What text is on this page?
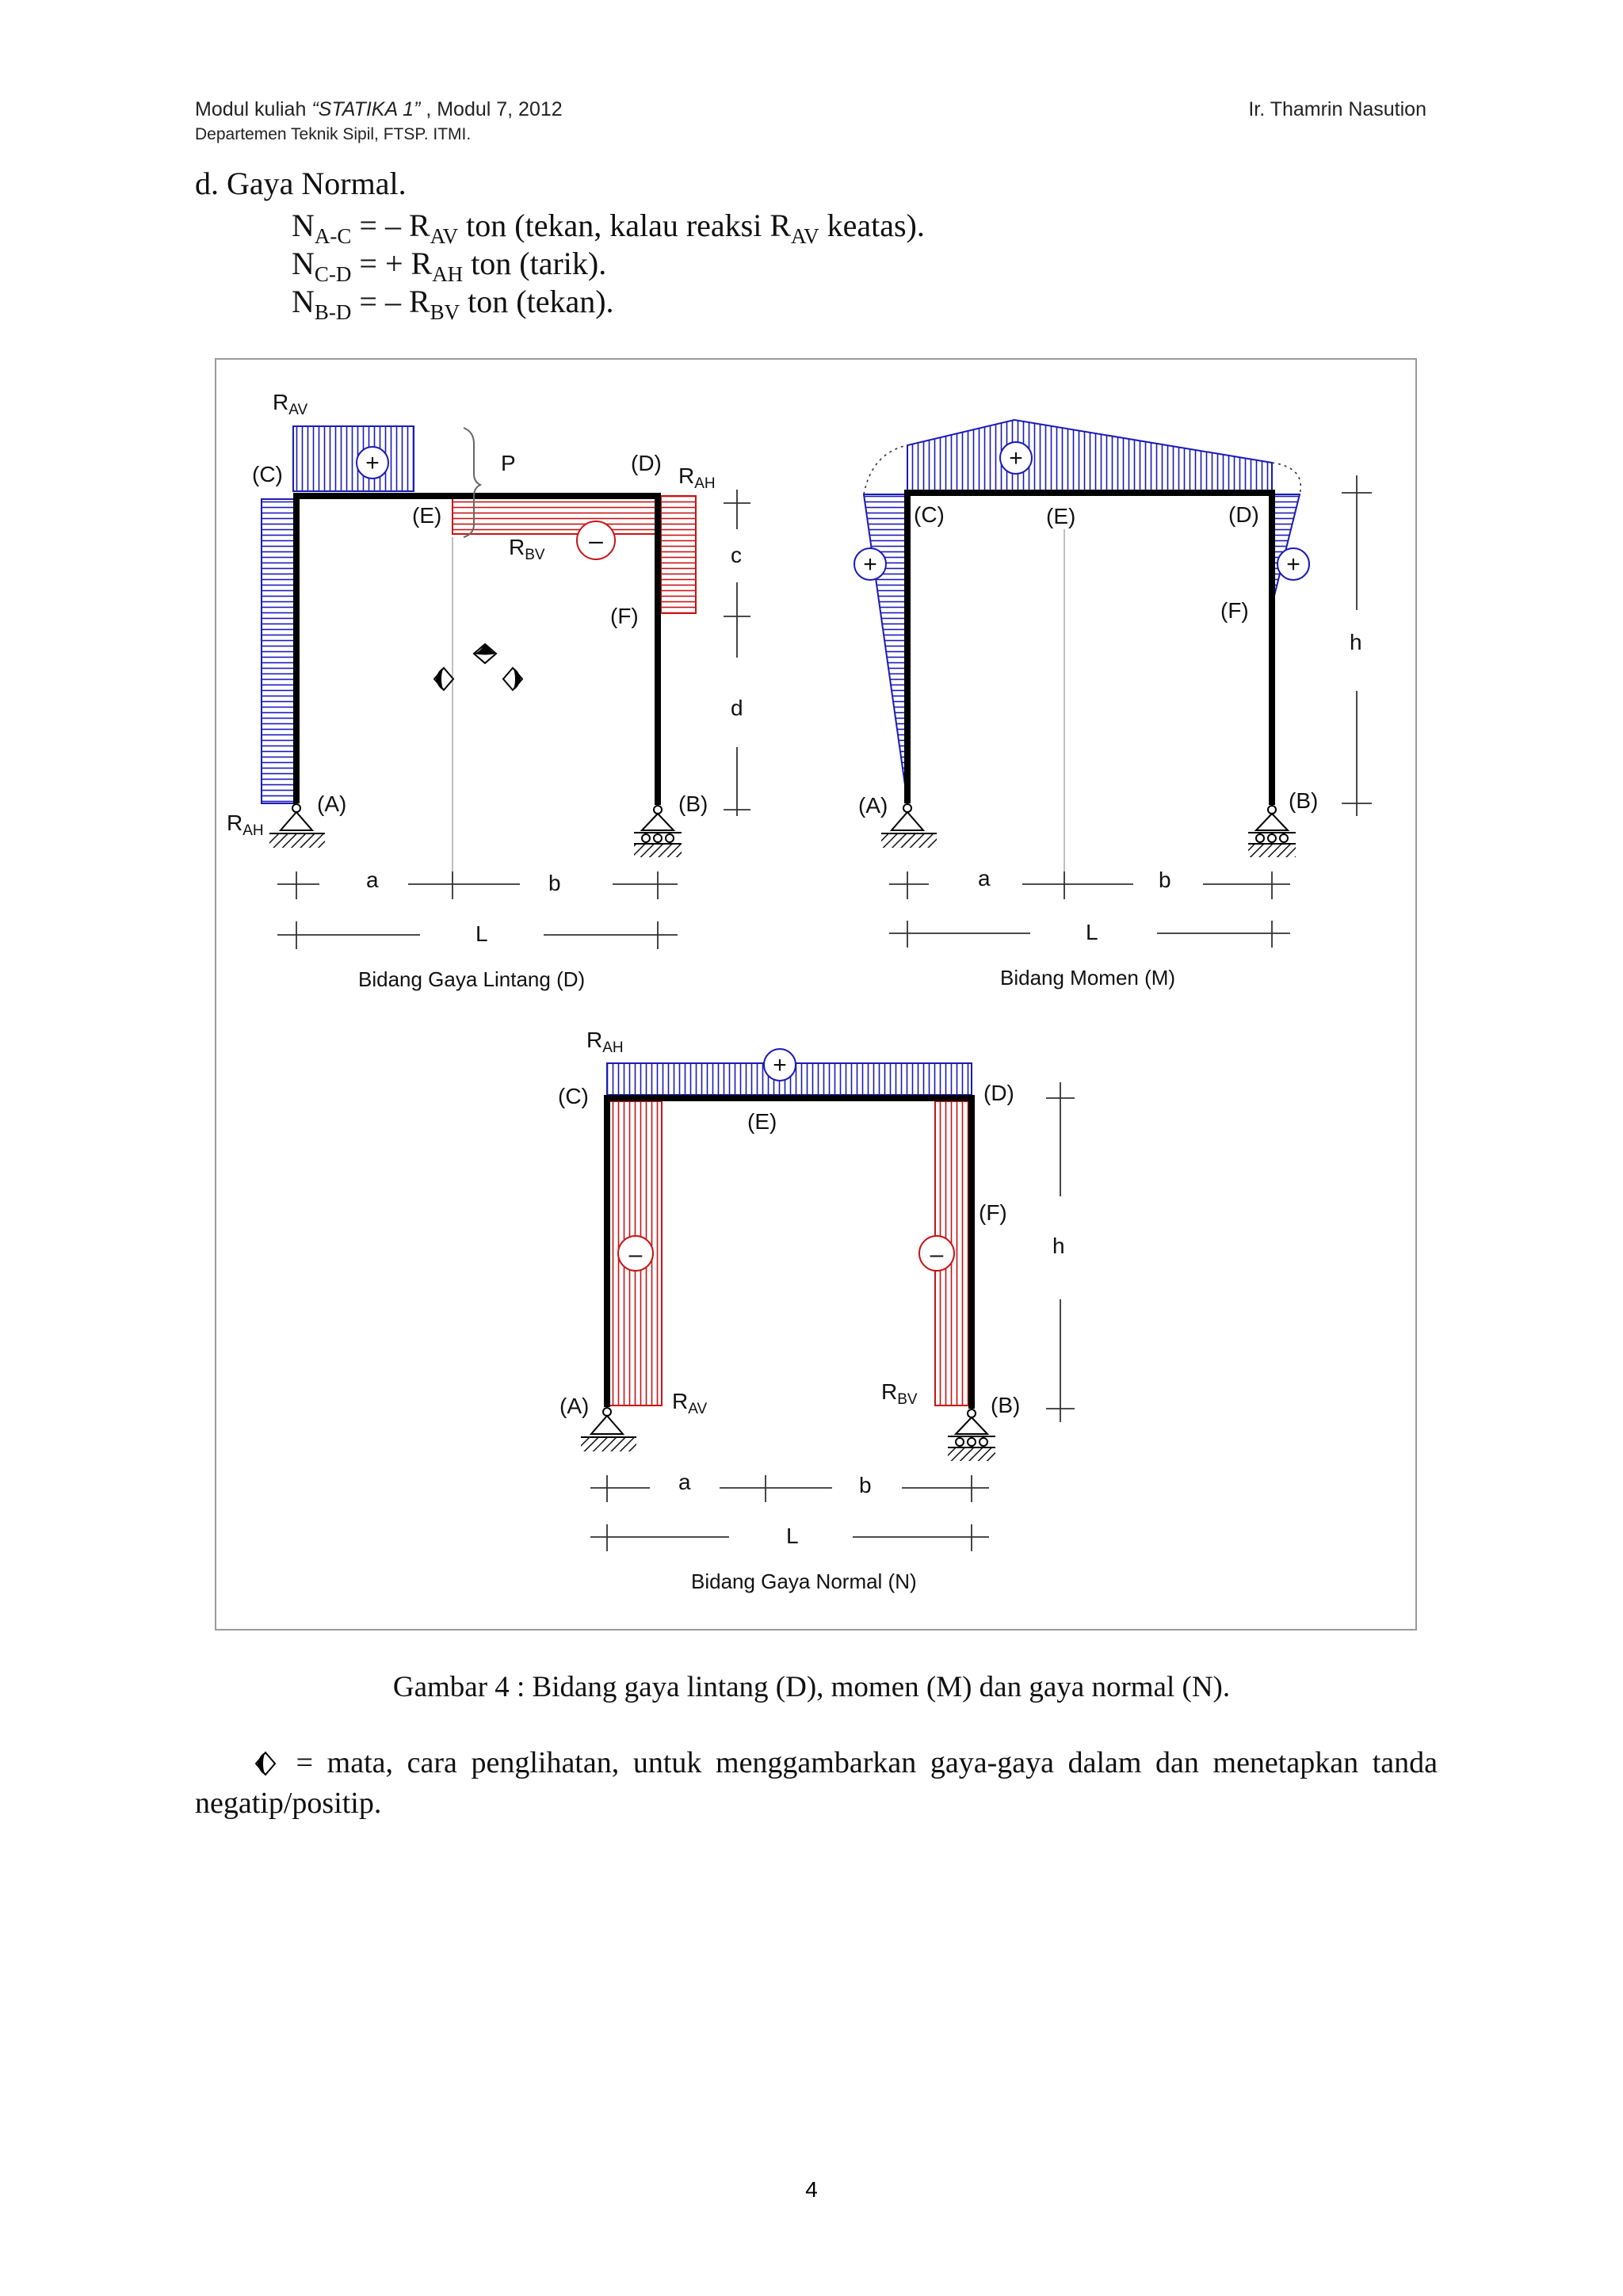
Modul kuliah “STATIKA 1” , Modul 7, 2012
Departemen Teknik Sipil, FTSP. ITMI.
Ir. Thamrin Nasution
d. Gaya Normal.
$N_{A-C}$ = – $R_{AV}$ ton (tekan, kalau reaksi $R_{AV}$ keatas).
$N_{C-D}$ = + $R_{AH}$ ton (tarik).
$N_{B-D}$ = – $R_{BV}$ ton (tekan).
+
–
$R_{AV}$
(C)	P	(D)
$R_{AH}$
(E)
$R_{BV}$	c
(F)
d
(A)	(B)
$R_{AH}$
a	b
L
Bidang Gaya Lintang (D)
+
+	+
(C)	(E)	(D)
(F)
h
(A)	(B)
a	b
L
Bidang Momen (M)
+
–	–
$R_{AH}$
(C)	(D)
(E)
(F)
h
(A)	$R_{AV}$
$R_{BV}$	(B)
a	b
L
Bidang Gaya Normal (N)
Gambar 4 : Bidang gaya lintang (D), momen (M) dan gaya normal (N).
= mata, cara penglihatan, untuk menggambarkan gaya-gaya dalam dan menetapkan tanda negatip/positip.
4
